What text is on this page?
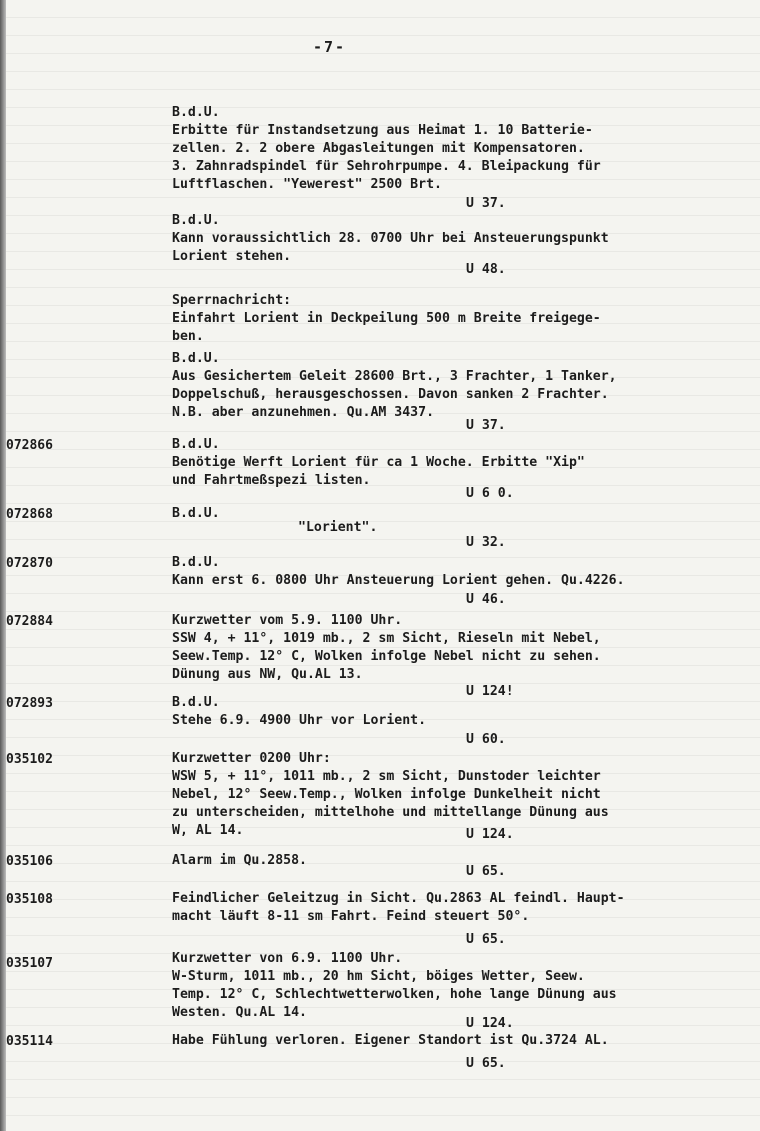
-7-
B.d.U.
Erbitte für Instandsetzung aus Heimat 1. 10 Batterie-
zellen. 2. 2 obere Abgasleitungen mit Kompensatoren.
3. Zahnradspindel für Sehrohrpumpe. 4. Bleipackung für
Luftflaschen. "Yewerest" 2500 Brt.
U 37.
B.d.U.
Kann voraussichtlich 28. 0700 Uhr bei Ansteuerungspunkt
Lorient stehen.
U 48.
Sperrnachricht:
Einfahrt Lorient in Deckpeilung 500 m Breite freigege-
ben.
B.d.U.
Aus Gesichertem Geleit 28600 Brt., 3 Frachter, 1 Tanker,
Doppelschuß, herausgeschossen. Davon sanken 2 Frachter.
N.B. aber anzunehmen. Qu.AM 3437.
U 37.
072866	B.d.U.
Benötige Werft Lorient für ca 1 Woche. Erbitte "Xip"
und Fahrtmeßspezi listen.
U 6 0.
072868	B.d.U.
"Lorient".
U 32.
072870	B.d.U.
Kann erst 6. 0800 Uhr Ansteuerung Lorient gehen. Qu.4226.
U 46.
072884	Kurzwetter vom 5.9. 1100 Uhr.
SSW 4, + 11°, 1019 mb., 2 sm Sicht, Rieseln mit Nebel,
Seew.Temp. 12° C, Wolken infolge Nebel nicht zu sehen.
Dünung aus NW, Qu.AL 13.
U 124!
072893	B.d.U.
Stehe 6.9. 4900 Uhr vor Lorient.
U 60.
035102	Kurzwetter 0200 Uhr:
WSW 5, + 11°, 1011 mb., 2 sm Sicht, Dunstoder leichter
Nebel, 12° Seew.Temp., Wolken infolge Dunkelheit nicht
zu unterscheiden, mittelhohe und mittellange Dünung aus
W, AL 14.	U 124.
035106	Alarm im Qu.2858.
U 65.
035108	Feindlicher Geleitzug in Sicht. Qu.2863 AL feindl. Haupt-
macht läuft 8-11 sm Fahrt. Feind steuert 50°.
U 65.
035107	Kurzwetter von 6.9. 1100 Uhr.
W-Sturm, 1011 mb., 20 hm Sicht, böiges Wetter, Seew.
Temp. 12° C, Schlechtwetterwolken, hohe lange Dünung aus
Westen. Qu.AL 14.
U 124.
035114	Habe Fühlung verloren. Eigener Standort ist Qu.3724 AL.
U 65.
